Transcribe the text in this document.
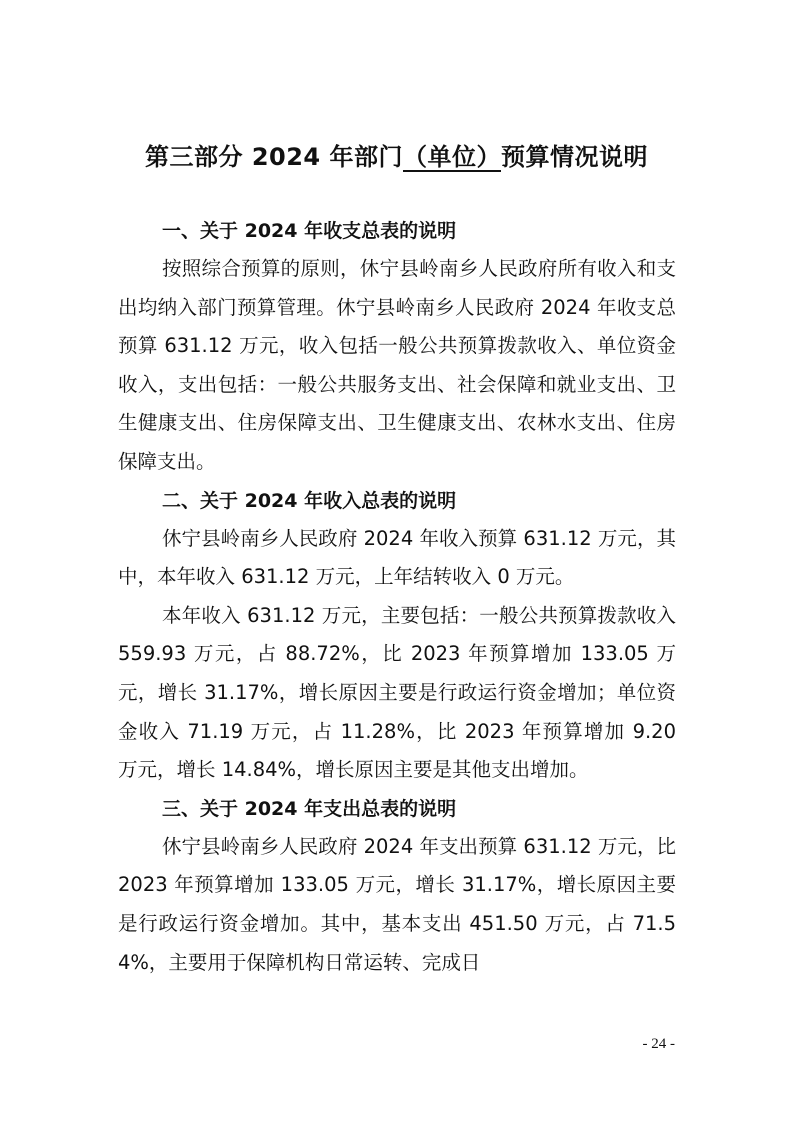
第三部分 2024 年部门（单位）预算情况说明

一、关于 2024 年收支总表的说明

按照综合预算的原则，休宁县岭南乡人民政府所有收入和支出均纳入部门预算管理。休宁县岭南乡人民政府 2024 年收支总预算 631.12 万元，收入包括一般公共预算拨款收入、单位资金收入，支出包括：一般公共服务支出、社会保障和就业支出、卫生健康支出、住房保障支出、卫生健康支出、农林水支出、住房保障支出。

二、关于 2024 年收入总表的说明

休宁县岭南乡人民政府 2024 年收入预算 631.12 万元，其中，本年收入 631.12 万元，上年结转收入 0 万元。

本年收入 631.12 万元，主要包括：一般公共预算拨款收入 559.93 万元，占 88.72%，比 2023 年预算增加 133.05 万元，增长 31.17%，增长原因主要是行政运行资金增加；单位资金收入 71.19 万元，占 11.28%，比 2023 年预算增加 9.20 万元，增长 14.84%，增长原因主要是其他支出增加。

三、关于 2024 年支出总表的说明

休宁县岭南乡人民政府 2024 年支出预算 631.12 万元，比 2023 年预算增加 133.05 万元，增长 31.17%，增长原因主要是行政运行资金增加。其中，基本支出 451.50 万元，占 71.54%，主要用于保障机构日常运转、完成日

- 24 -
